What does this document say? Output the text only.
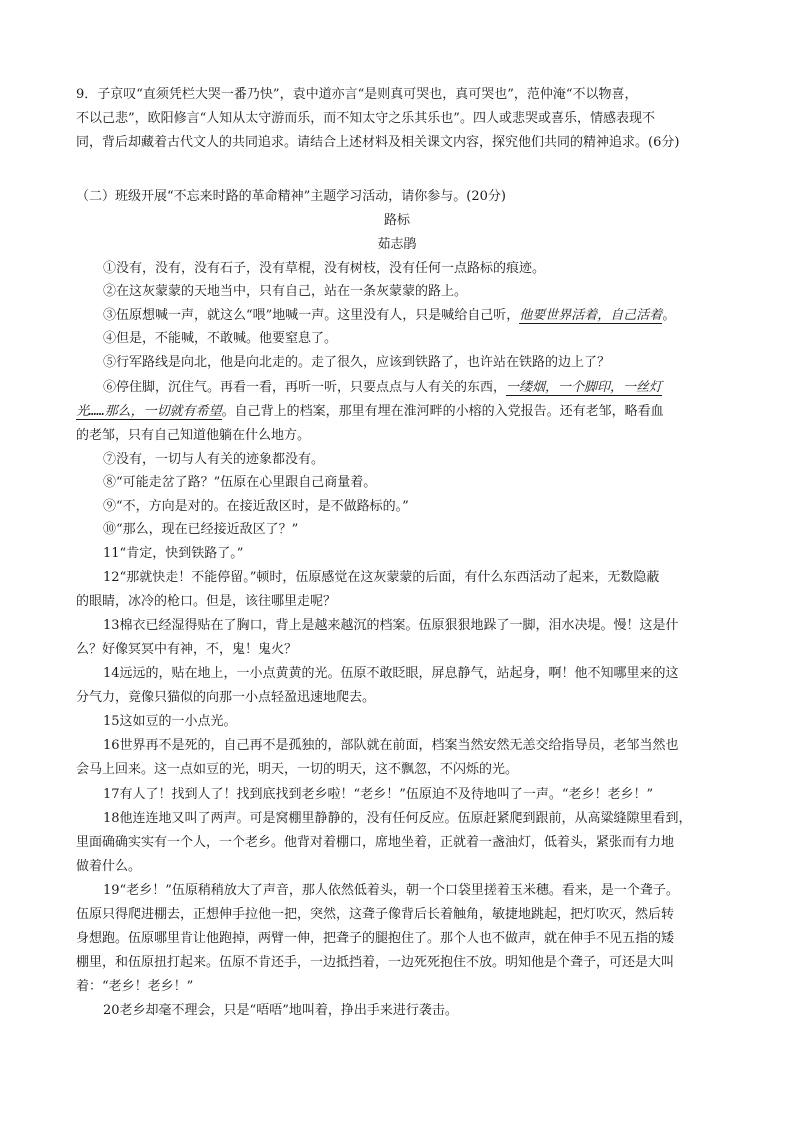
9．子京叹“直须凭栏大哭一番乃快”，袁中道亦言“是则真可哭也，真可哭也”，范仲淹“不以物喜，
不以己悲”，欧阳修言“人知从太守游而乐，而不知太守之乐其乐也”。四人或悲哭或喜乐，情感表现不
同，背后却藏着古代文人的共同追求。请结合上述材料及相关课文内容，探究他们共同的精神追求。(6分)
（二）班级开展“不忘来时路的革命精神”主题学习活动，请你参与。(20分)
路标
茹志鹃
①没有，没有，没有石子，没有草棍，没有树枝，没有任何一点路标的痕迹。
②在这灰蒙蒙的天地当中，只有自己，站在一条灰蒙蒙的路上。
③伍原想喊一声，就这么“喂”地喊一声。这里没有人，只是喊给自己听，他要世界活着，自己活着。
④但是，不能喊，不敢喊。他要窒息了。
⑤行军路线是向北，他是向北走的。走了很久，应该到铁路了，也许站在铁路的边上了？
⑥停住脚，沉住气。再看一看，再听一听，只要点点与人有关的东西，一缕烟，一个脚印，一丝灯
光……那么，一切就有希望。自己背上的档案，那里有埋在淮河畔的小榕的入党报告。还有老邹，略看血
的老邹，只有自己知道他躺在什么地方。
⑦没有，一切与人有关的迹象都没有。
⑧“可能走岔了路？”伍原在心里跟自己商量着。
⑨“不，方向是对的。在接近敌区时，是不做路标的。”
⑩“那么，现在已经接近敌区了？”
11“肯定，快到铁路了。”
12“那就快走！不能停留。”顿时，伍原感觉在这灰蒙蒙的后面，有什么东西活动了起来，无数隐蔽
的眼睛，冰冷的枪口。但是，该往哪里走呢？
13棉衣已经湿得贴在了胸口，背上是越来越沉的档案。伍原狠狠地跺了一脚，泪水决堤。慢！这是什
么？好像冥冥中有神，不，鬼！鬼火？
14远远的，贴在地上，一小点黄黄的光。伍原不敢眨眼，屏息静气，站起身，啊！他不知哪里来的这
分气力，竟像只猫似的向那一小点轻盈迅速地爬去。
15这如豆的一小点光。
16世界再不是死的，自己再不是孤独的，部队就在前面，档案当然安然无恙交给指导员，老邹当然也
会马上回来。这一点如豆的光，明天，一切的明天，这不飘忽，不闪烁的光。
17有人了！找到人了！找到底找到老乡啦！“老乡！”伍原迫不及待地叫了一声。“老乡！老乡！”
18他连连地又叫了两声。可是窝棚里静静的，没有任何反应。伍原赶紧爬到跟前，从高粱缝隙里看到，
里面确确实实有一个人，一个老乡。他背对着棚口，席地坐着，正就着一盏油灯，低着头，紧张而有力地
做着什么。
19“老乡！”伍原稍稍放大了声音，那人依然低着头，朝一个口袋里搓着玉米穗。看来，是一个聋子。
伍原只得爬进棚去，正想伸手拉他一把，突然，这聋子像背后长着触角，敏捷地跳起，把灯吹灭，然后转
身想跑。伍原哪里肯让他跑掉，两臂一伸，把聋子的腿抱住了。那个人也不做声，就在伸手不见五指的矮
棚里，和伍原扭打起来。伍原不肯还手，一边抵挡着，一边死死抱住不放。明知他是个聋子，可还是大叫
着：“老乡！老乡！”
20老乡却毫不理会，只是“唔唔”地叫着，挣出手来进行袭击。
